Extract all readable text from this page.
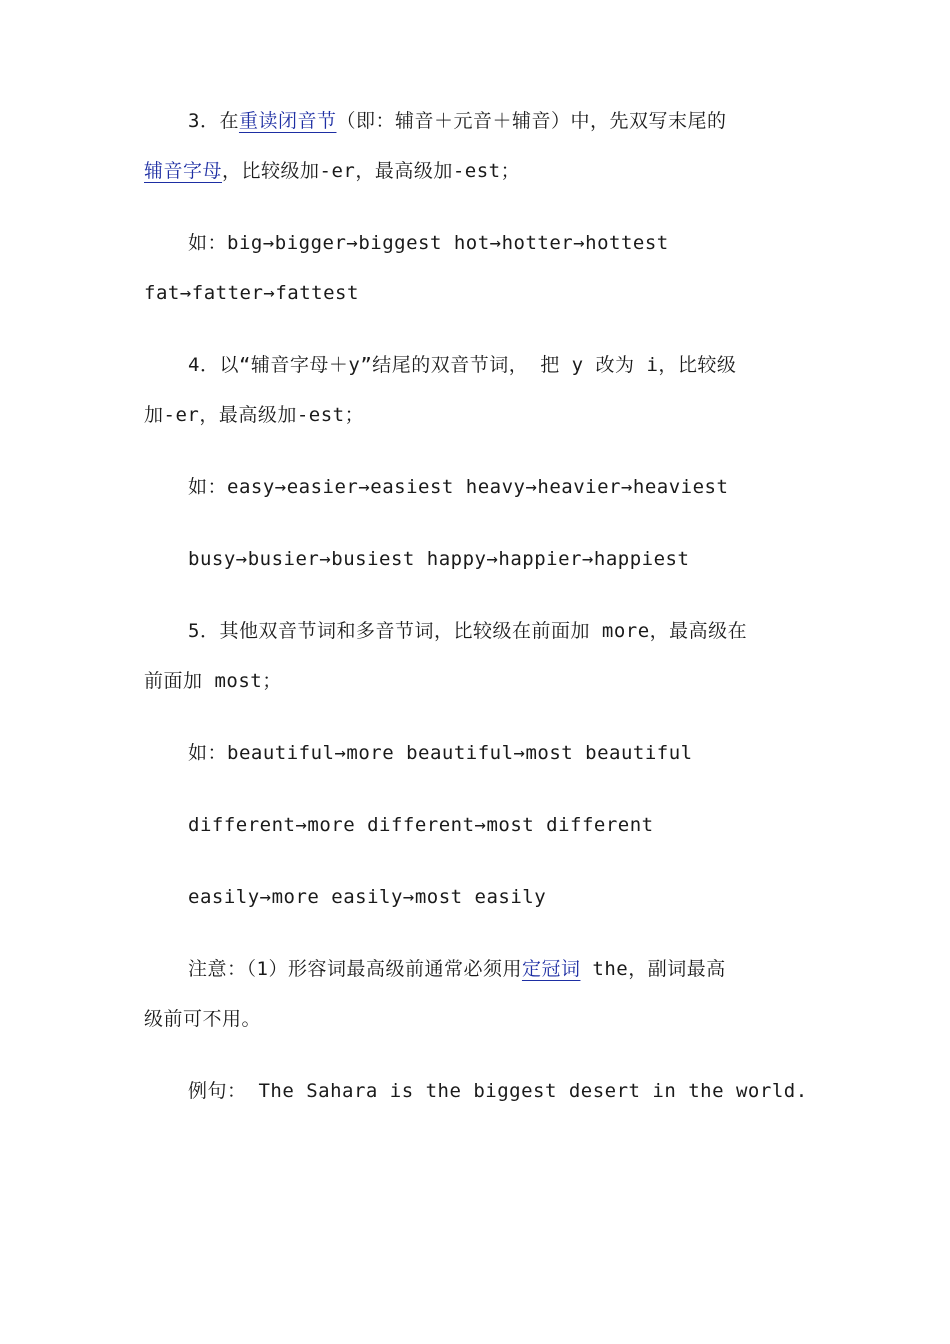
3．在重读闭音节（即：辅音＋元音＋辅音）中，先双写末尾的
辅音字母，比较级加-er，最高级加-est；
如：big→bigger→biggest hot→hotter→hottest
fat→fatter→fattest
4．以“辅音字母＋y”结尾的双音节词， 把 y 改为 i，比较级
加-er，最高级加-est；
如：easy→easier→easiest heavy→heavier→heaviest
busy→busier→busiest happy→happier→happiest
5．其他双音节词和多音节词，比较级在前面加 more，最高级在
前面加 most；
如：beautiful→more beautiful→most beautiful
different→more different→most different
easily→more easily→most easily
注意：（1）形容词最高级前通常必须用定冠词 the，副词最高
级前可不用。
例句： The Sahara is the biggest desert in the world.
